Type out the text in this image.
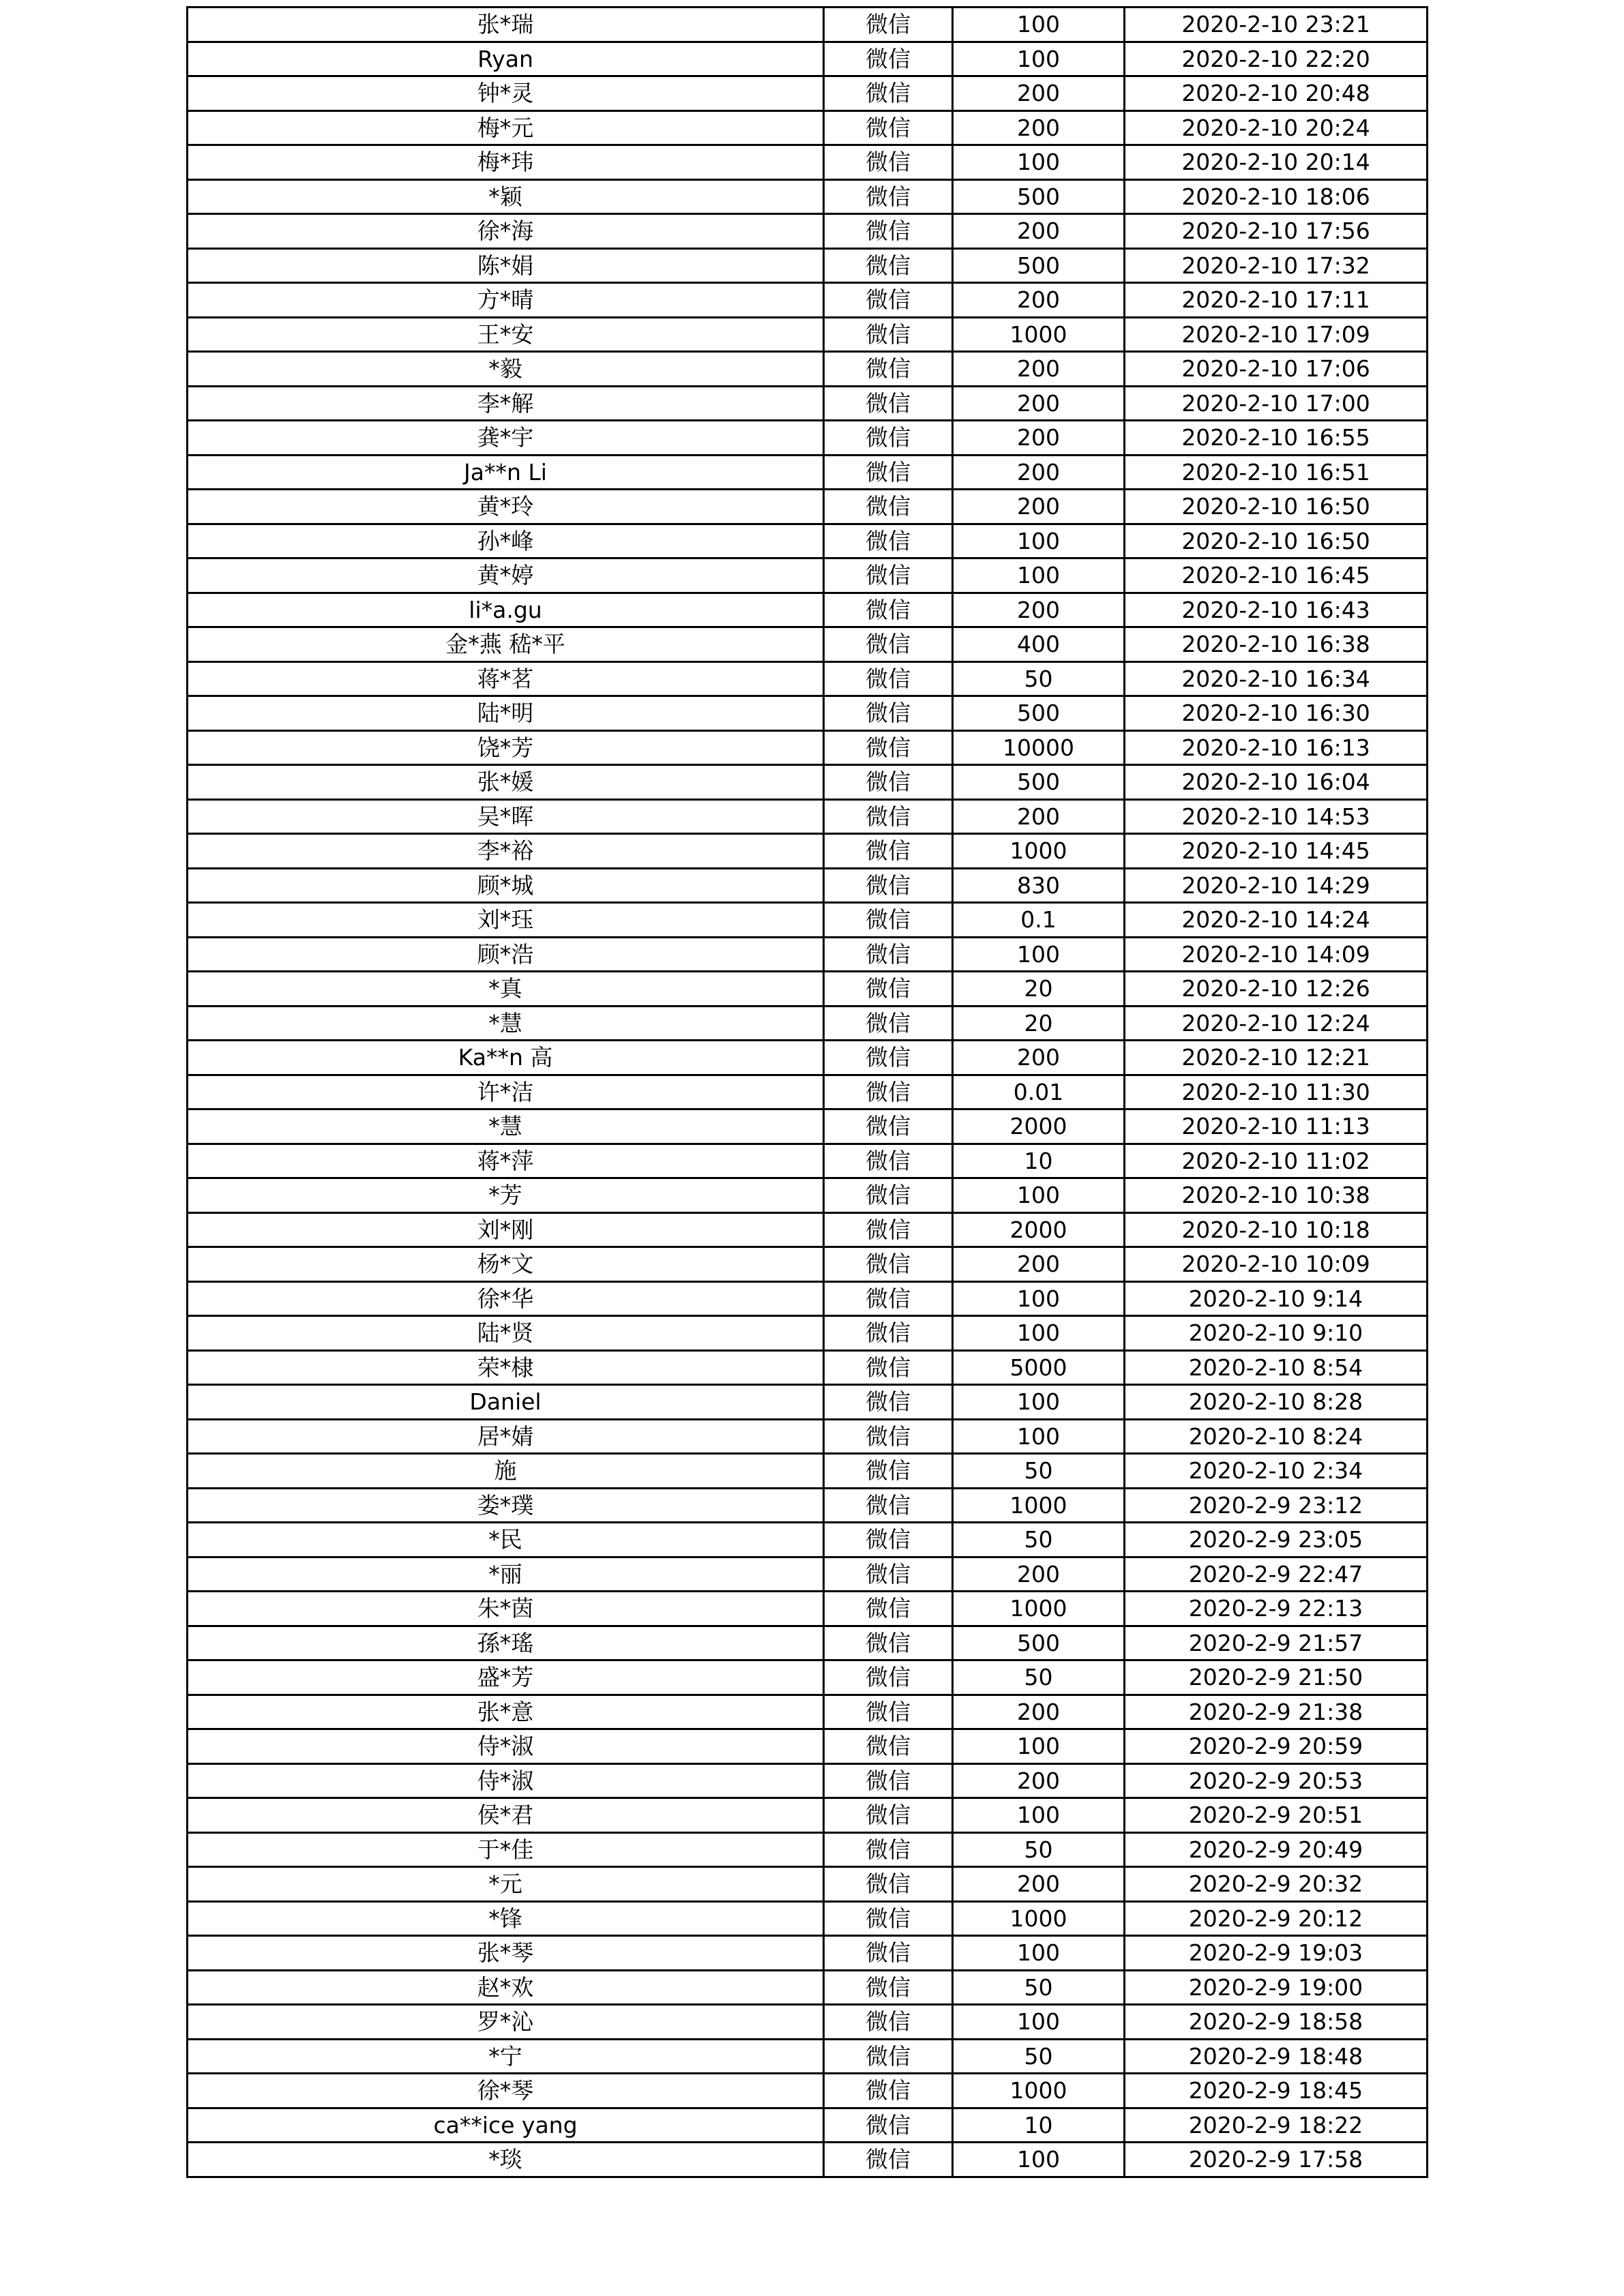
张*瑞	微信	100	2020-2-10 23:21
Ryan	微信	100	2020-2-10 22:20
钟*灵	微信	200	2020-2-10 20:48
梅*元	微信	200	2020-2-10 20:24
梅*玮	微信	100	2020-2-10 20:14
*颖	微信	500	2020-2-10 18:06
徐*海	微信	200	2020-2-10 17:56
陈*娟	微信	500	2020-2-10 17:32
方*晴	微信	200	2020-2-10 17:11
王*安	微信	1000	2020-2-10 17:09
*毅	微信	200	2020-2-10 17:06
李*解	微信	200	2020-2-10 17:00
龚*宇	微信	200	2020-2-10 16:55
Ja**n Li	微信	200	2020-2-10 16:51
黄*玲	微信	200	2020-2-10 16:50
孙*峰	微信	100	2020-2-10 16:50
黄*婷	微信	100	2020-2-10 16:45
li*a.gu	微信	200	2020-2-10 16:43
金*燕 嵇*平	微信	400	2020-2-10 16:38
蒋*茗	微信	50	2020-2-10 16:34
陆*明	微信	500	2020-2-10 16:30
饶*芳	微信	10000	2020-2-10 16:13
张*媛	微信	500	2020-2-10 16:04
吴*晖	微信	200	2020-2-10 14:53
李*裕	微信	1000	2020-2-10 14:45
顾*城	微信	830	2020-2-10 14:29
刘*珏	微信	0.1	2020-2-10 14:24
顾*浩	微信	100	2020-2-10 14:09
*真	微信	20	2020-2-10 12:26
*慧	微信	20	2020-2-10 12:24
Ka**n 高	微信	200	2020-2-10 12:21
许*洁	微信	0.01	2020-2-10 11:30
*慧	微信	2000	2020-2-10 11:13
蒋*萍	微信	10	2020-2-10 11:02
*芳	微信	100	2020-2-10 10:38
刘*刚	微信	2000	2020-2-10 10:18
杨*文	微信	200	2020-2-10 10:09
徐*华	微信	100	2020-2-10 9:14
陆*贤	微信	100	2020-2-10 9:10
荣*棣	微信	5000	2020-2-10 8:54
Daniel	微信	100	2020-2-10 8:28
居*婧	微信	100	2020-2-10 8:24
施	微信	50	2020-2-10 2:34
娄*璞	微信	1000	2020-2-9 23:12
*民	微信	50	2020-2-9 23:05
*丽	微信	200	2020-2-9 22:47
朱*茵	微信	1000	2020-2-9 22:13
孫*瑤	微信	500	2020-2-9 21:57
盛*芳	微信	50	2020-2-9 21:50
张*意	微信	200	2020-2-9 21:38
侍*淑	微信	100	2020-2-9 20:59
侍*淑	微信	200	2020-2-9 20:53
侯*君	微信	100	2020-2-9 20:51
于*佳	微信	50	2020-2-9 20:49
*元	微信	200	2020-2-9 20:32
*锋	微信	1000	2020-2-9 20:12
张*琴	微信	100	2020-2-9 19:03
赵*欢	微信	50	2020-2-9 19:00
罗*沁	微信	100	2020-2-9 18:58
*宁	微信	50	2020-2-9 18:48
徐*琴	微信	1000	2020-2-9 18:45
ca**ice yang	微信	10	2020-2-9 18:22
*琰	微信	100	2020-2-9 17:58
